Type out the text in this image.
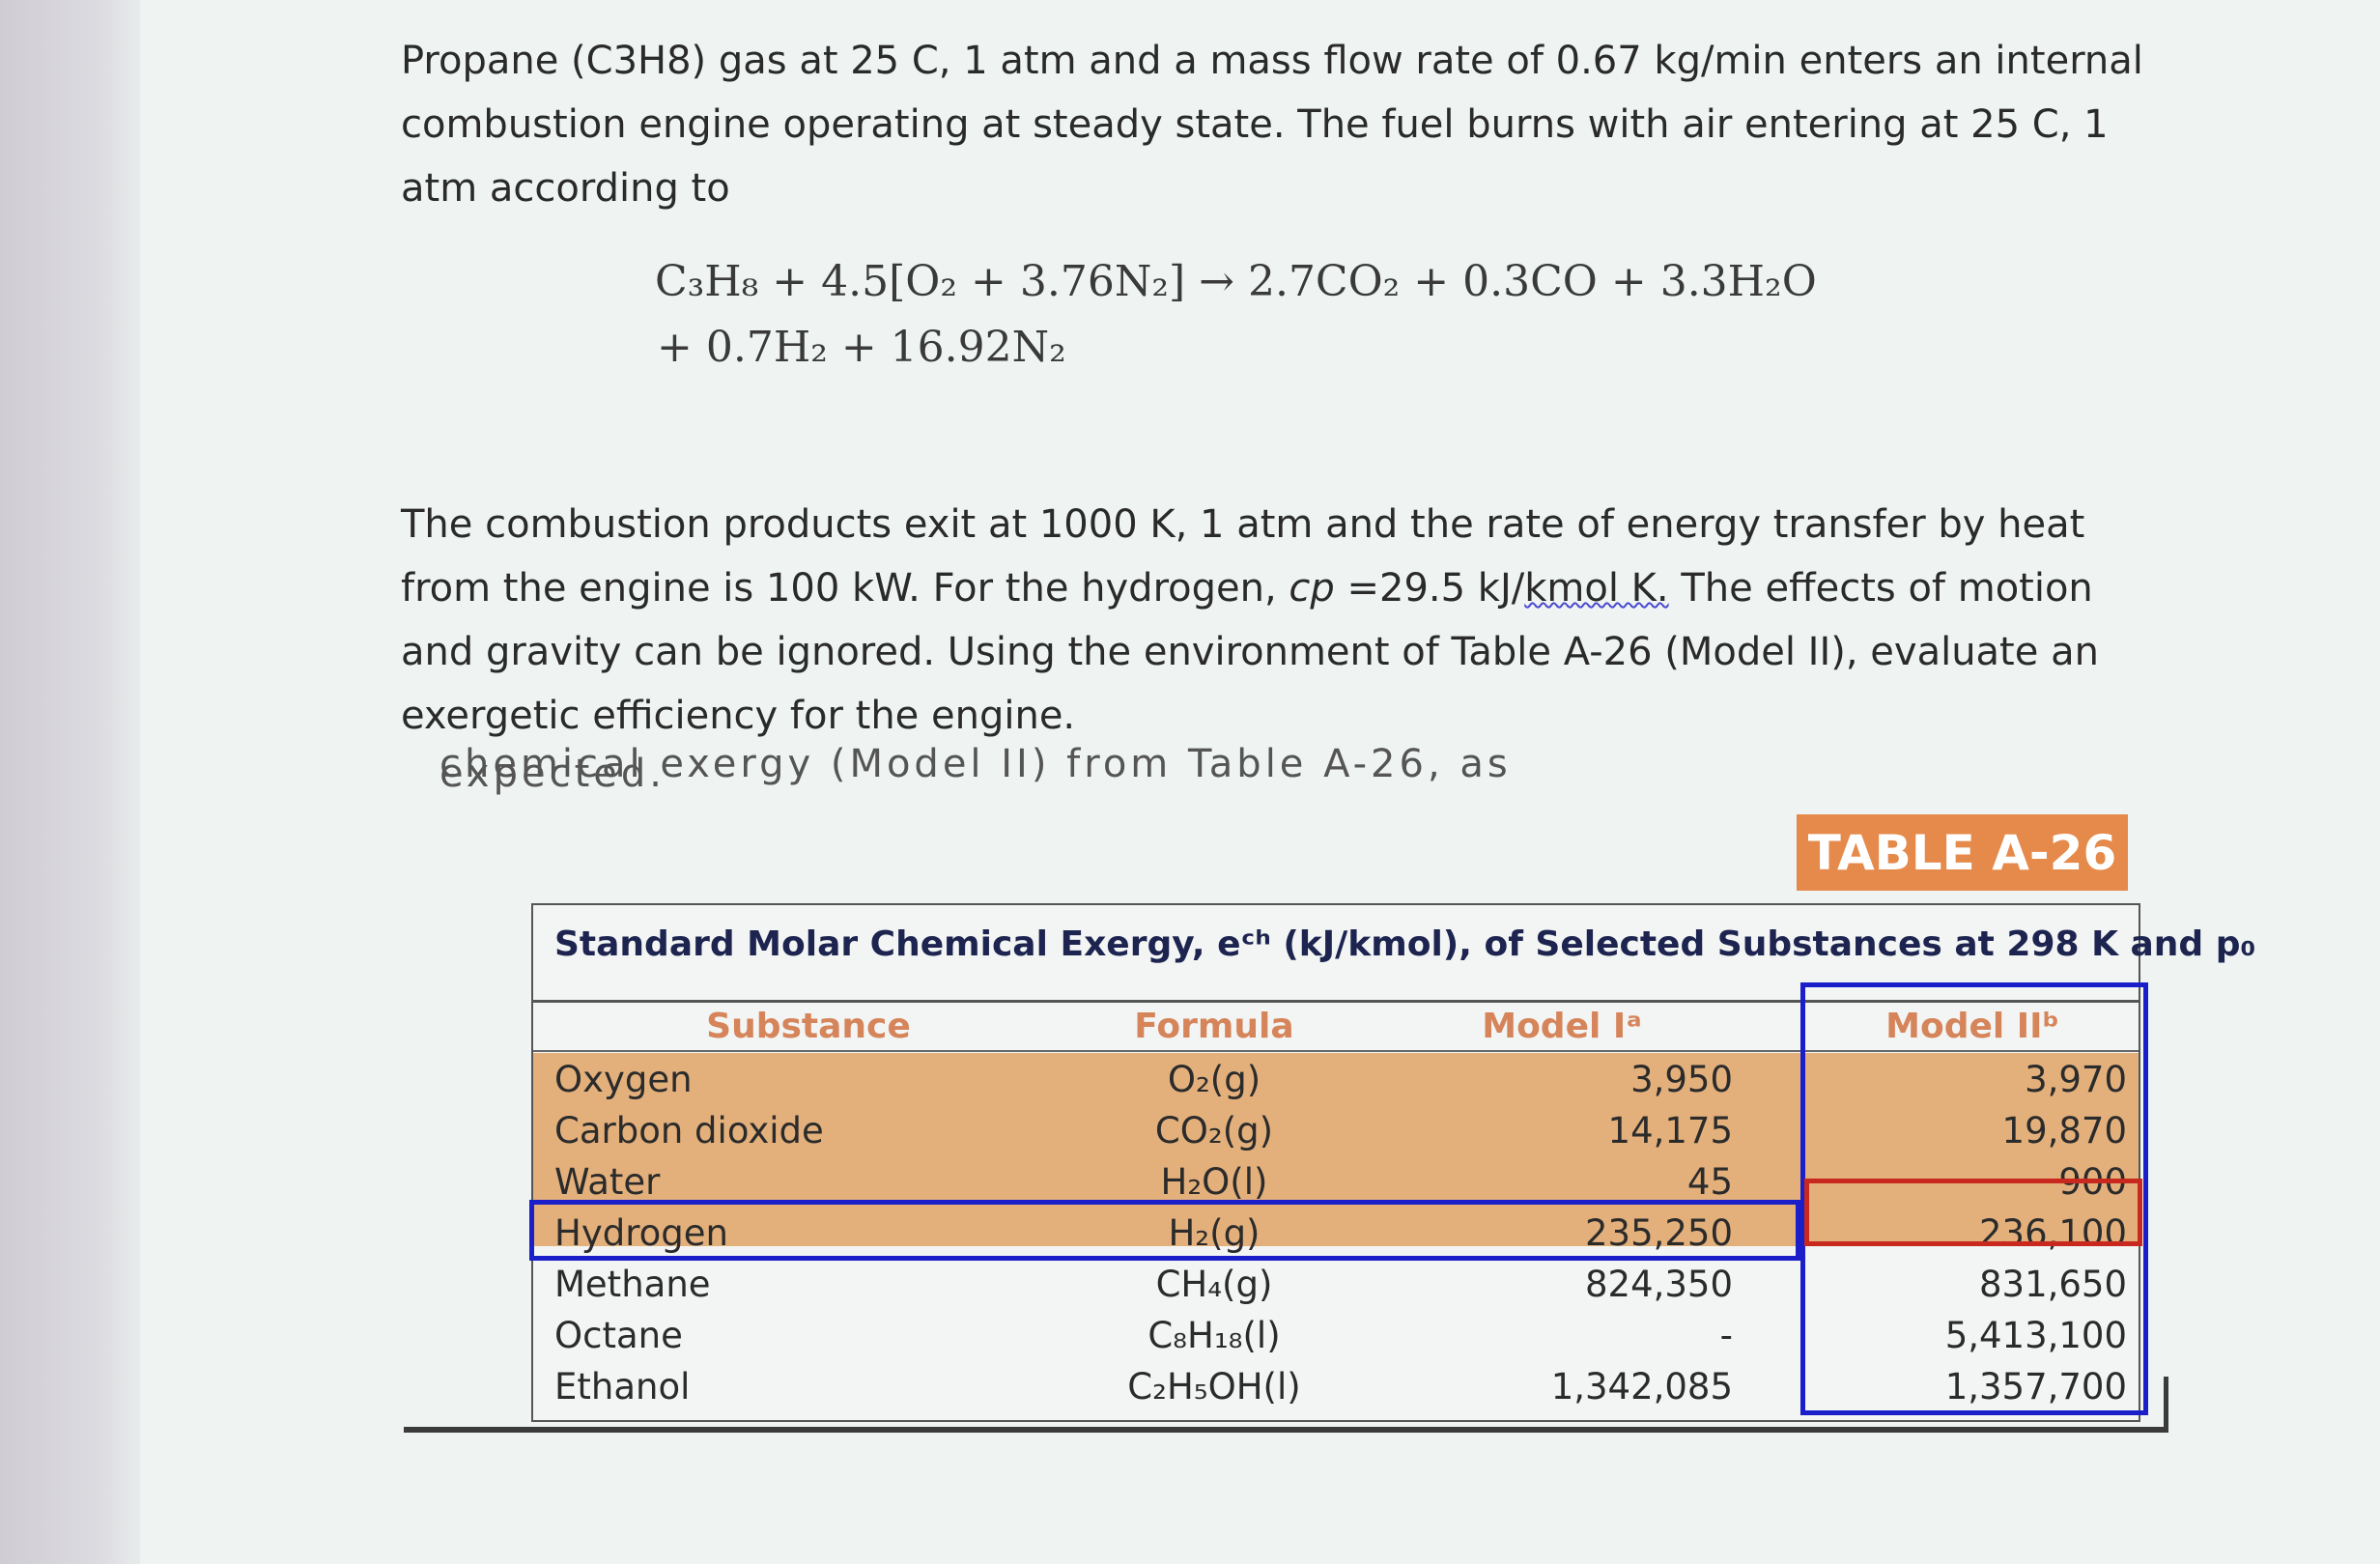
Propane (C3H8) gas at 25 C, 1 atm and a mass flow rate of 0.67 kg/min enters an internal combustion engine operating at steady state. The fuel burns with air entering at 25 C, 1 atm according to
C₃H₈ + 4.5[O₂ + 3.76N₂] → 2.7CO₂ + 0.3CO + 3.3H₂O
+ 0.7H₂ + 16.92N₂
The combustion products exit at 1000 K, 1 atm and the rate of energy transfer by heat from the engine is 100 kW. For the hydrogen, cp =29.5 kJ/kmol K. The effects of motion and gravity can be ignored. Using the environment of Table A-26 (Model II), evaluate an exergetic efficiency for the engine.
chemical exergy (Model II) from Table A-26, as expected.
TABLE A-26
Standard Molar Chemical Exergy, eᶜʰ (kJ/kmol), of Selected Substances at 298 K and p₀
Substance	Formula	Model Iᵃ	Model IIᵇ
Oxygen	O₂(g)	3,950	3,970
Carbon dioxide	CO₂(g)	14,175	19,870
Water	H₂O(l)	45	900
Hydrogen	H₂(g)	235,250	236,100
Methane	CH₄(g)	824,350	831,650
Octane	C₈H₁₈(l)	-	5,413,100
Ethanol	C₂H₅OH(l)	1,342,085	1,357,700
